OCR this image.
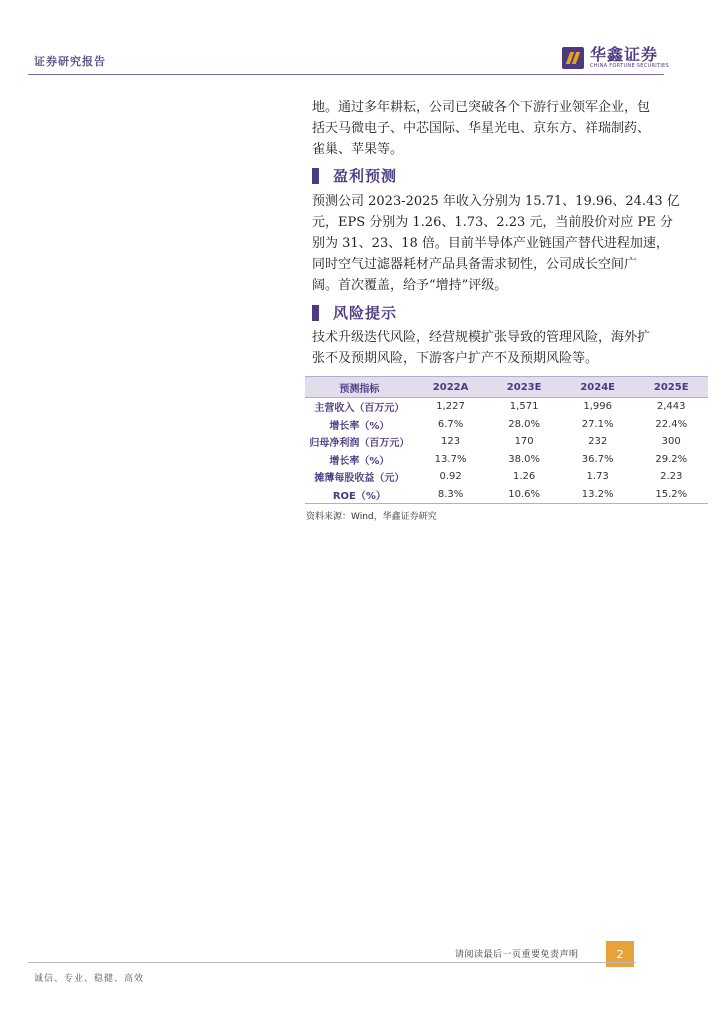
证券研究报告	华鑫证券
CHINA FORTUNE SECURITIES
地。通过多年耕耘，公司已突破各个下游行业领军企业，包
括天马微电子、中芯国际、华星光电、京东方、祥瑞制药、
雀巢、苹果等。
盈利预测
预测公司 2023-2025 年收入分别为 15.71、19.96、24.43 亿
元，EPS 分别为 1.26、1.73、2.23 元，当前股价对应 PE 分
别为 31、23、18 倍。目前半导体产业链国产替代进程加速，
同时空气过滤器耗材产品具备需求韧性，公司成长空间广
阔。首次覆盖，给予“增持”评级。
风险提示
技术升级迭代风险，经营规模扩张导致的管理风险，海外扩
张不及预期风险，下游客户扩产不及预期风险等。
预测指标	2022A	2023E	2024E	2025E
主营收入（百万元）	1,227	1,571	1,996	2,443
增长率（%）	6.7%	28.0%	27.1%	22.4%
归母净利润（百万元）	123	170	232	300
增长率（%）	13.7%	38.0%	36.7%	29.2%
摊薄每股收益（元）	0.92	1.26	1.73	2.23
ROE（%）	8.3%	10.6%	13.2%	15.2%
资料来源：Wind，华鑫证券研究
请阅读最后一页重要免责声明	2
诚信、专业、稳健、高效
